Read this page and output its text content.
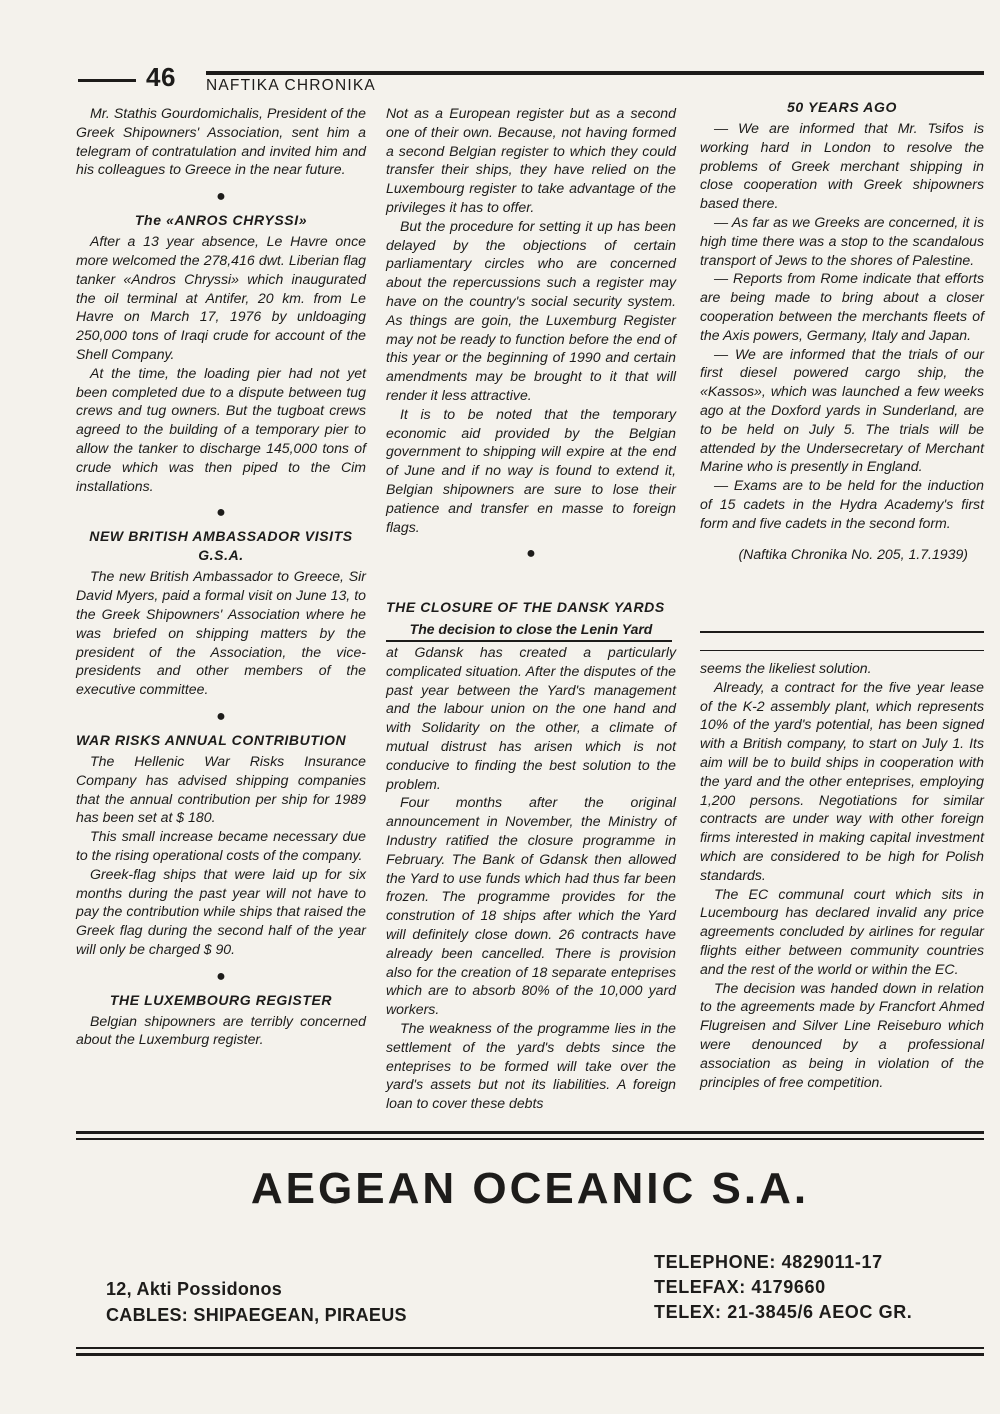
46 NAFTIKA CHRONIKA

Mr. Stathis Gourdomichalis, President of the Greek Shipowners' Association, sent him a telegram of contratulation and invited him and his colleagues to Greece in the near future.

●
The «ANROS CHRYSSI»

After a 13 year absence, Le Havre once more welcomed the 278,416 dwt. Liberian flag tanker «Andros Chryssi» which inaugurated the oil terminal at Antifer, 20 km. from Le Havre on March 17, 1976 by unldoaging 250,000 tons of Iraqi crude for account of the Shell Company.

At the time, the loading pier had not yet been completed due to a dispute between tug crews and tug owners. But the tugboat crews agreed to the building of a temporary pier to allow the tanker to discharge 145,000 tons of crude which was then piped to the Cim installations.

●
NEW BRITISH AMBASSADOR VISITS G.S.A.

The new British Ambassador to Greece, Sir David Myers, paid a formal visit on June 13, to the Greek Shipowners' Association where he was briefed on shipping matters by the president of the Association, the vice-presidents and other members of the executive committee.

●
WAR RISKS ANNUAL CONTRIBUTION

The Hellenic War Risks Insurance Company has advised shipping companies that the annual contribution per ship for 1989 has been set at $ 180.

This small increase became necessary due to the rising operational costs of the company.

Greek-flag ships that were laid up for six months during the past year will not have to pay the contribution while ships that raised the Greek flag during the second half of the year will only be charged $ 90.

●
THE LUXEMBOURG REGISTER

Belgian shipowners are terribly concerned about the Luxemburg register.

Not as a European register but as a second one of their own. Because, not having formed a second Belgian register to which they could transfer their ships, they have relied on the Luxembourg register to take advantage of the privileges it has to offer.

But the procedure for setting it up has been delayed by the objections of certain parliamentary circles who are concerned about the repercussions such a register may have on the country's social security system. As things are goin, the Luxemburg Register may not be ready to function before the end of this year or the beginning of 1990 and certain amendments may be brought to it that will render it less attractive.

It is to be noted that the temporary economic aid provided by the Belgian government to shipping will expire at the end of June and if no way is found to extend it, Belgian shipowners are sure to lose their patience and transfer en masse to foreign flags.

●
THE CLOSURE OF THE DANSK YARDS
The decision to close the Lenin Yard

at Gdansk has created a particularly complicated situation. After the disputes of the past year between the Yard's management and the labour union on the one hand and with Solidarity on the other, a climate of mutual distrust has arisen which is not conducive to finding the best solution to the problem.

Four months after the original announcement in November, the Ministry of Industry ratified the closure programme in February. The Bank of Gdansk then allowed the Yard to use funds which had thus far been frozen. The programme provides for the constrution of 18 ships after which the Yard will definitely close down. 26 contracts have already been cancelled. There is provision also for the creation of 18 separate enteprises which are to absorb 80% of the 10,000 yard workers.

The weakness of the programme lies in the settlement of the yard's debts since the enteprises to be formed will take over the yard's assets but not its liabilities. A foreign loan to cover these debts

50 YEARS AGO

— We are informed that Mr. Tsifos is working hard in London to resolve the problems of Greek merchant shipping in close cooperation with Greek shipowners based there.

— As far as we Greeks are concerned, it is high time there was a stop to the scandalous transport of Jews to the shores of Palestine.

— Reports from Rome indicate that efforts are being made to bring about a closer cooperation between the merchants fleets of the Axis powers, Germany, Italy and Japan.

— We are informed that the trials of our first diesel powered cargo ship, the «Kassos», which was launched a few weeks ago at the Doxford yards in Sunderland, are to be held on July 5. The trials will be attended by the Undersecretary of Merchant Marine who is presently in England.

— Exams are to be held for the induction of 15 cadets in the Hydra Academy's first form and five cadets in the second form.

(Naftika Chronika No. 205, 1.7.1939)

seems the likeliest solution.

Already, a contract for the five year lease of the K-2 assembly plant, which represents 10% of the yard's potential, has been signed with a British company, to start on July 1. Its aim will be to build ships in cooperation with the yard and the other enteprises, employing 1,200 persons. Negotiations for similar contracts are under way with other foreign firms interested in making capital investment which are considered to be high for Polish standards.

The EC communal court which sits in Lucembourg has declared invalid any price agreements concluded by airlines for regular flights either between community countries and the rest of the world or within the EC.

The decision was handed down in relation to the agreements made by Francfort Ahmed Flugreisen and Silver Line Reiseburo which were denounced by a professional association as being in violation of the principles of free competition.

AEGEAN OCEANIC S.A.
12, Akti Possidonos
CABLES: SHIPAEGEAN, PIRAEUS
TELEPHONE: 4829011-17
TELEFAX: 4179660
TELEX: 21-3845/6 AEOC GR.
